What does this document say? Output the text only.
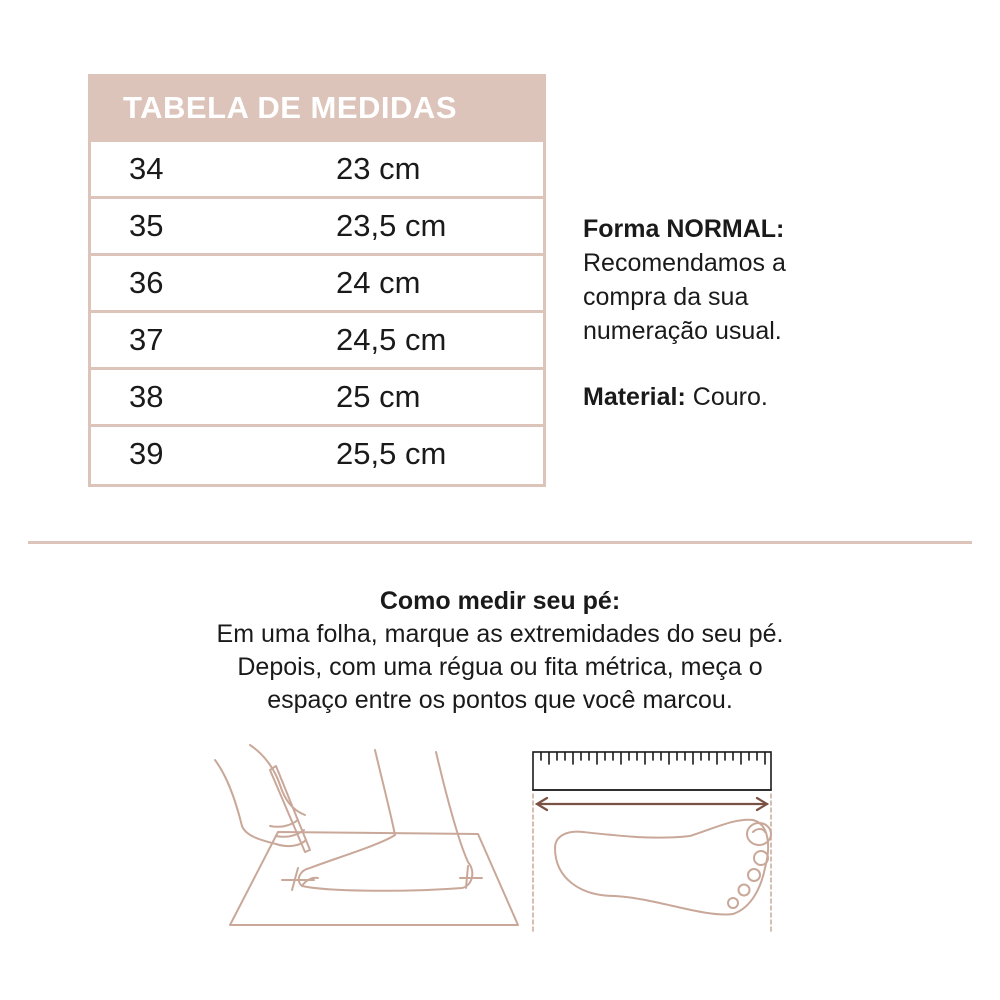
TABELA DE MEDIDAS
34	23 cm
35	23,5 cm
36	24 cm
37	24,5 cm
38	25 cm
39	25,5 cm

Forma NORMAL:

Recomendamos a

compra da sua

numeração usual.

Material: Couro.

Como medir seu pé:
Em uma folha, marque as extremidades do seu pé.
Depois, com uma régua ou fita métrica, meça o
espaço entre os pontos que você marcou.
